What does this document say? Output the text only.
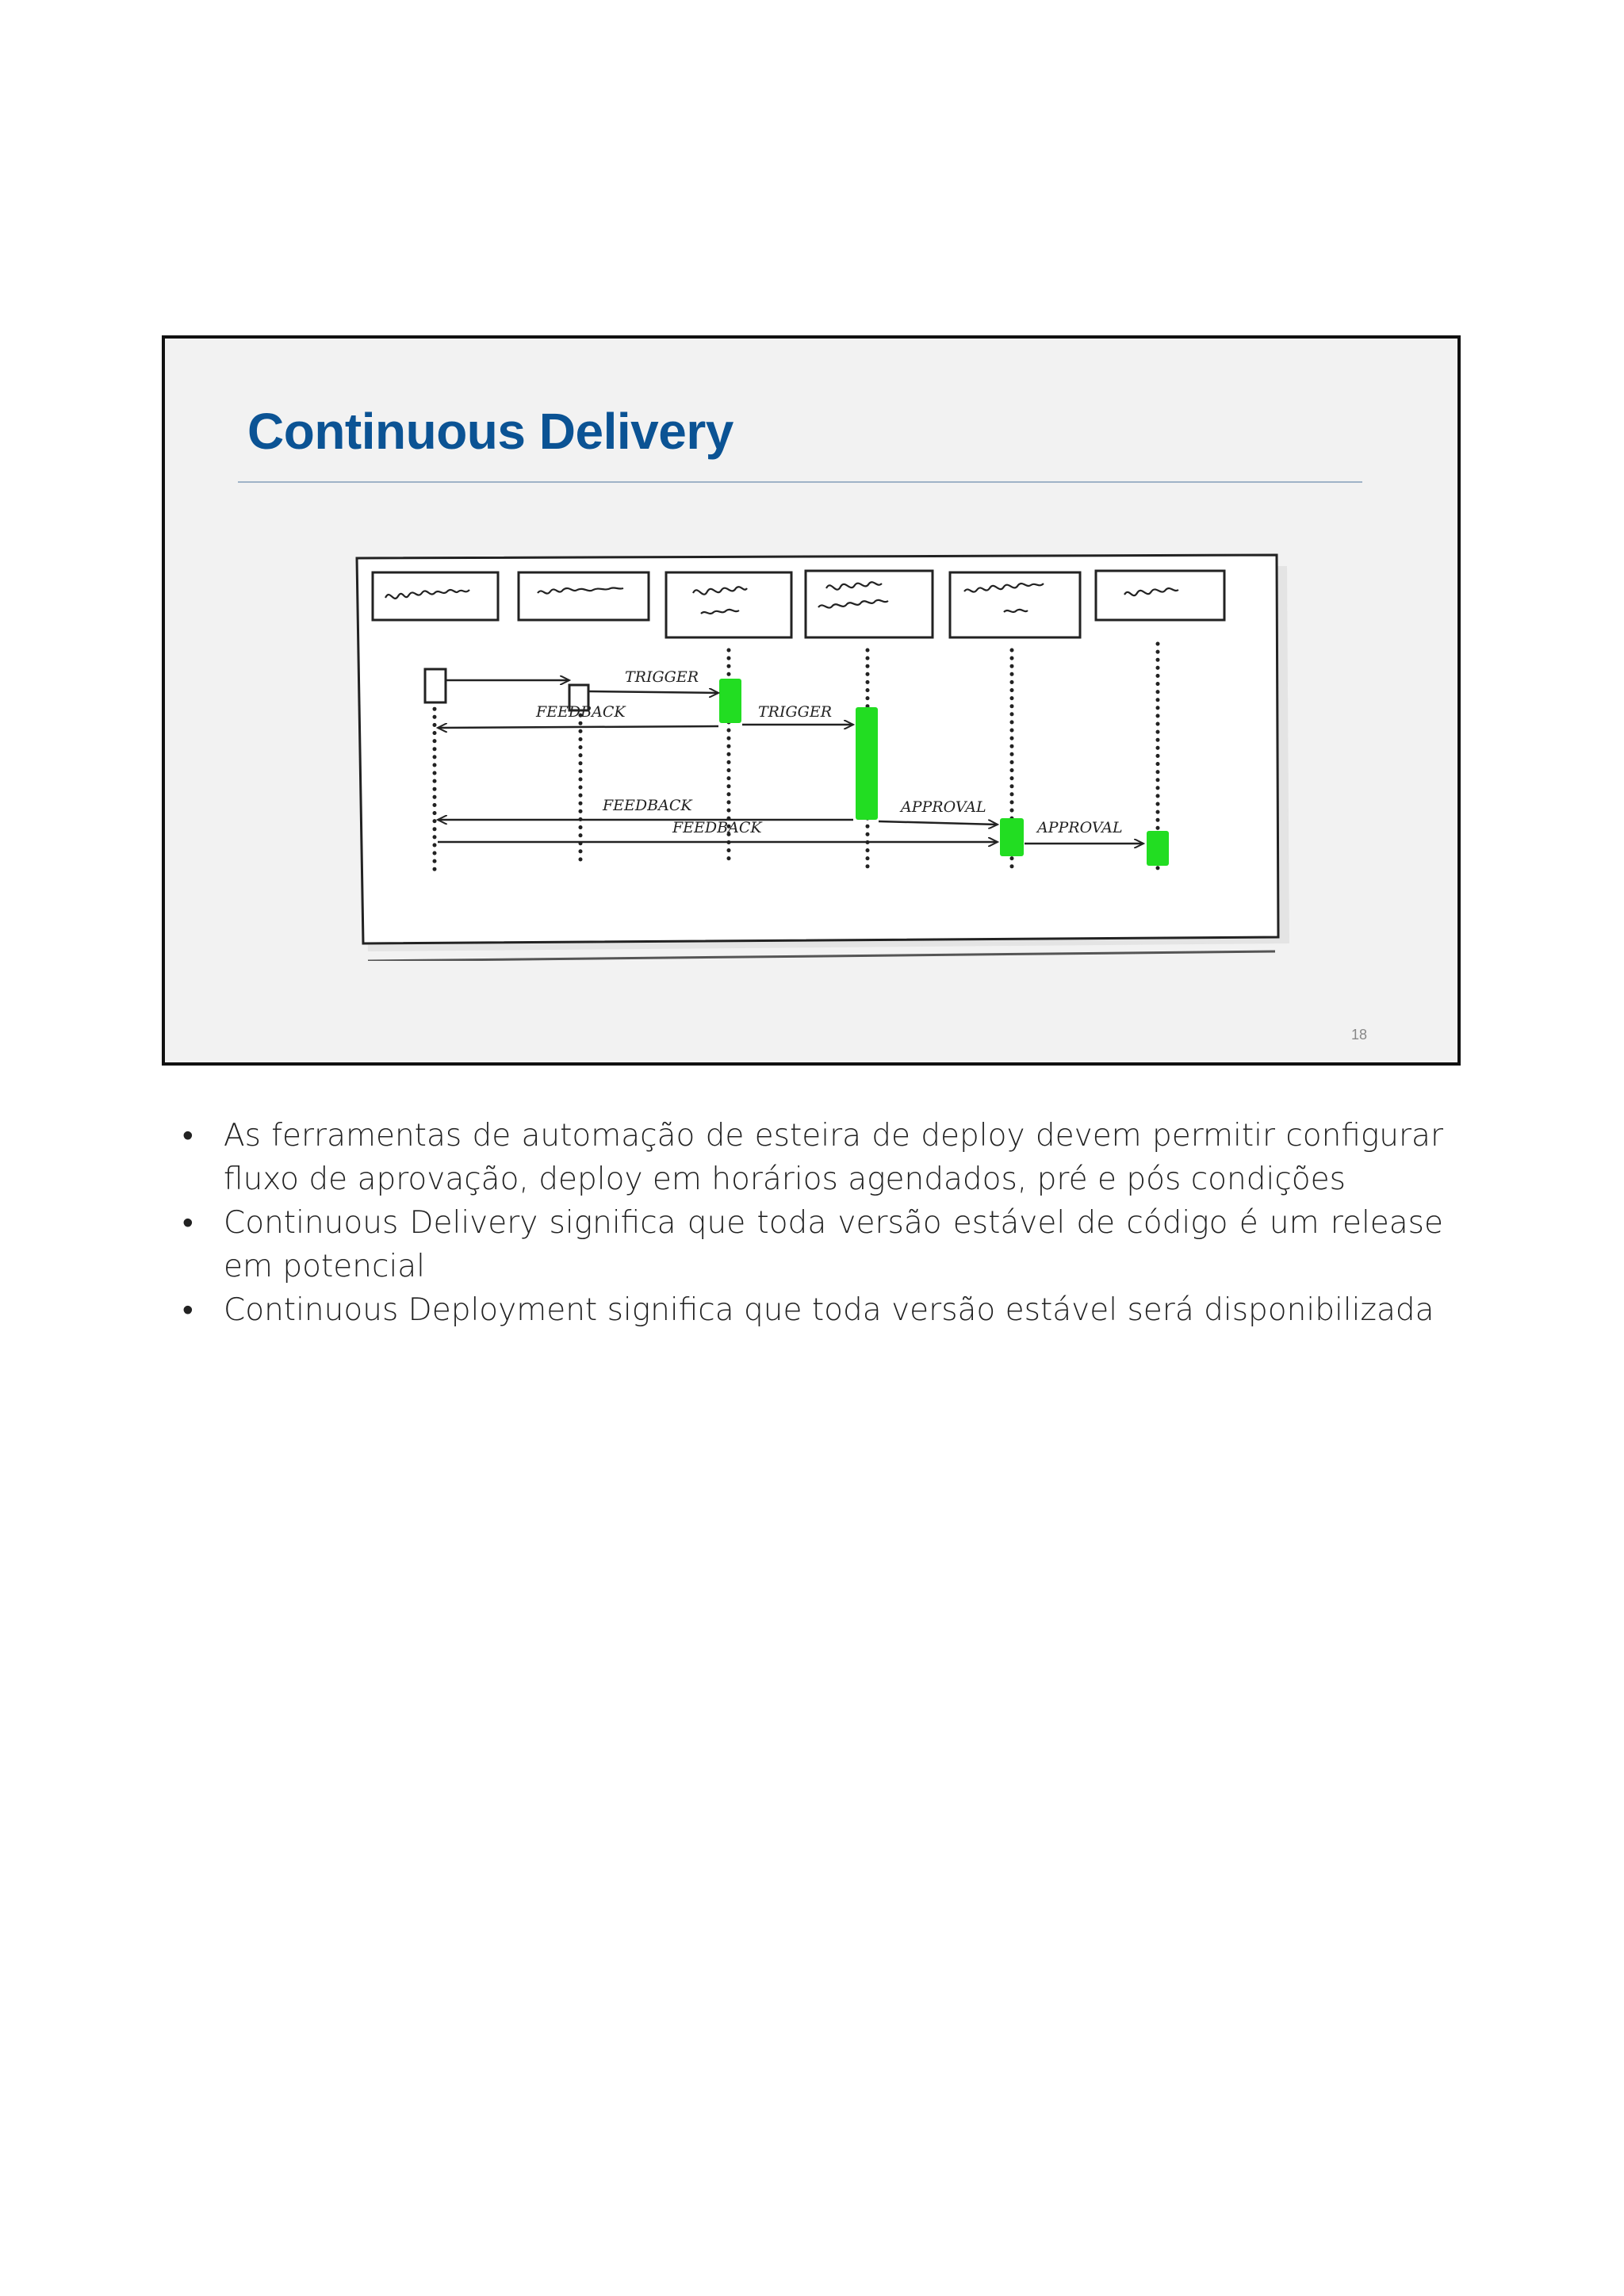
Continuous Delivery
TRIGGER
FEEDBACK	TRIGGER
FEEDBACK	APPROVAL
FEEDBACK	APPROVAL
18
• As ferramentas de automação de esteira de deploy devem permitir configurar fluxo de aprovação, deploy em horários agendados, pré e pós condições
• Continuous Delivery significa que toda versão estável de código é um release em potencial
• Continuous Deployment significa que toda versão estável será disponibilizada
